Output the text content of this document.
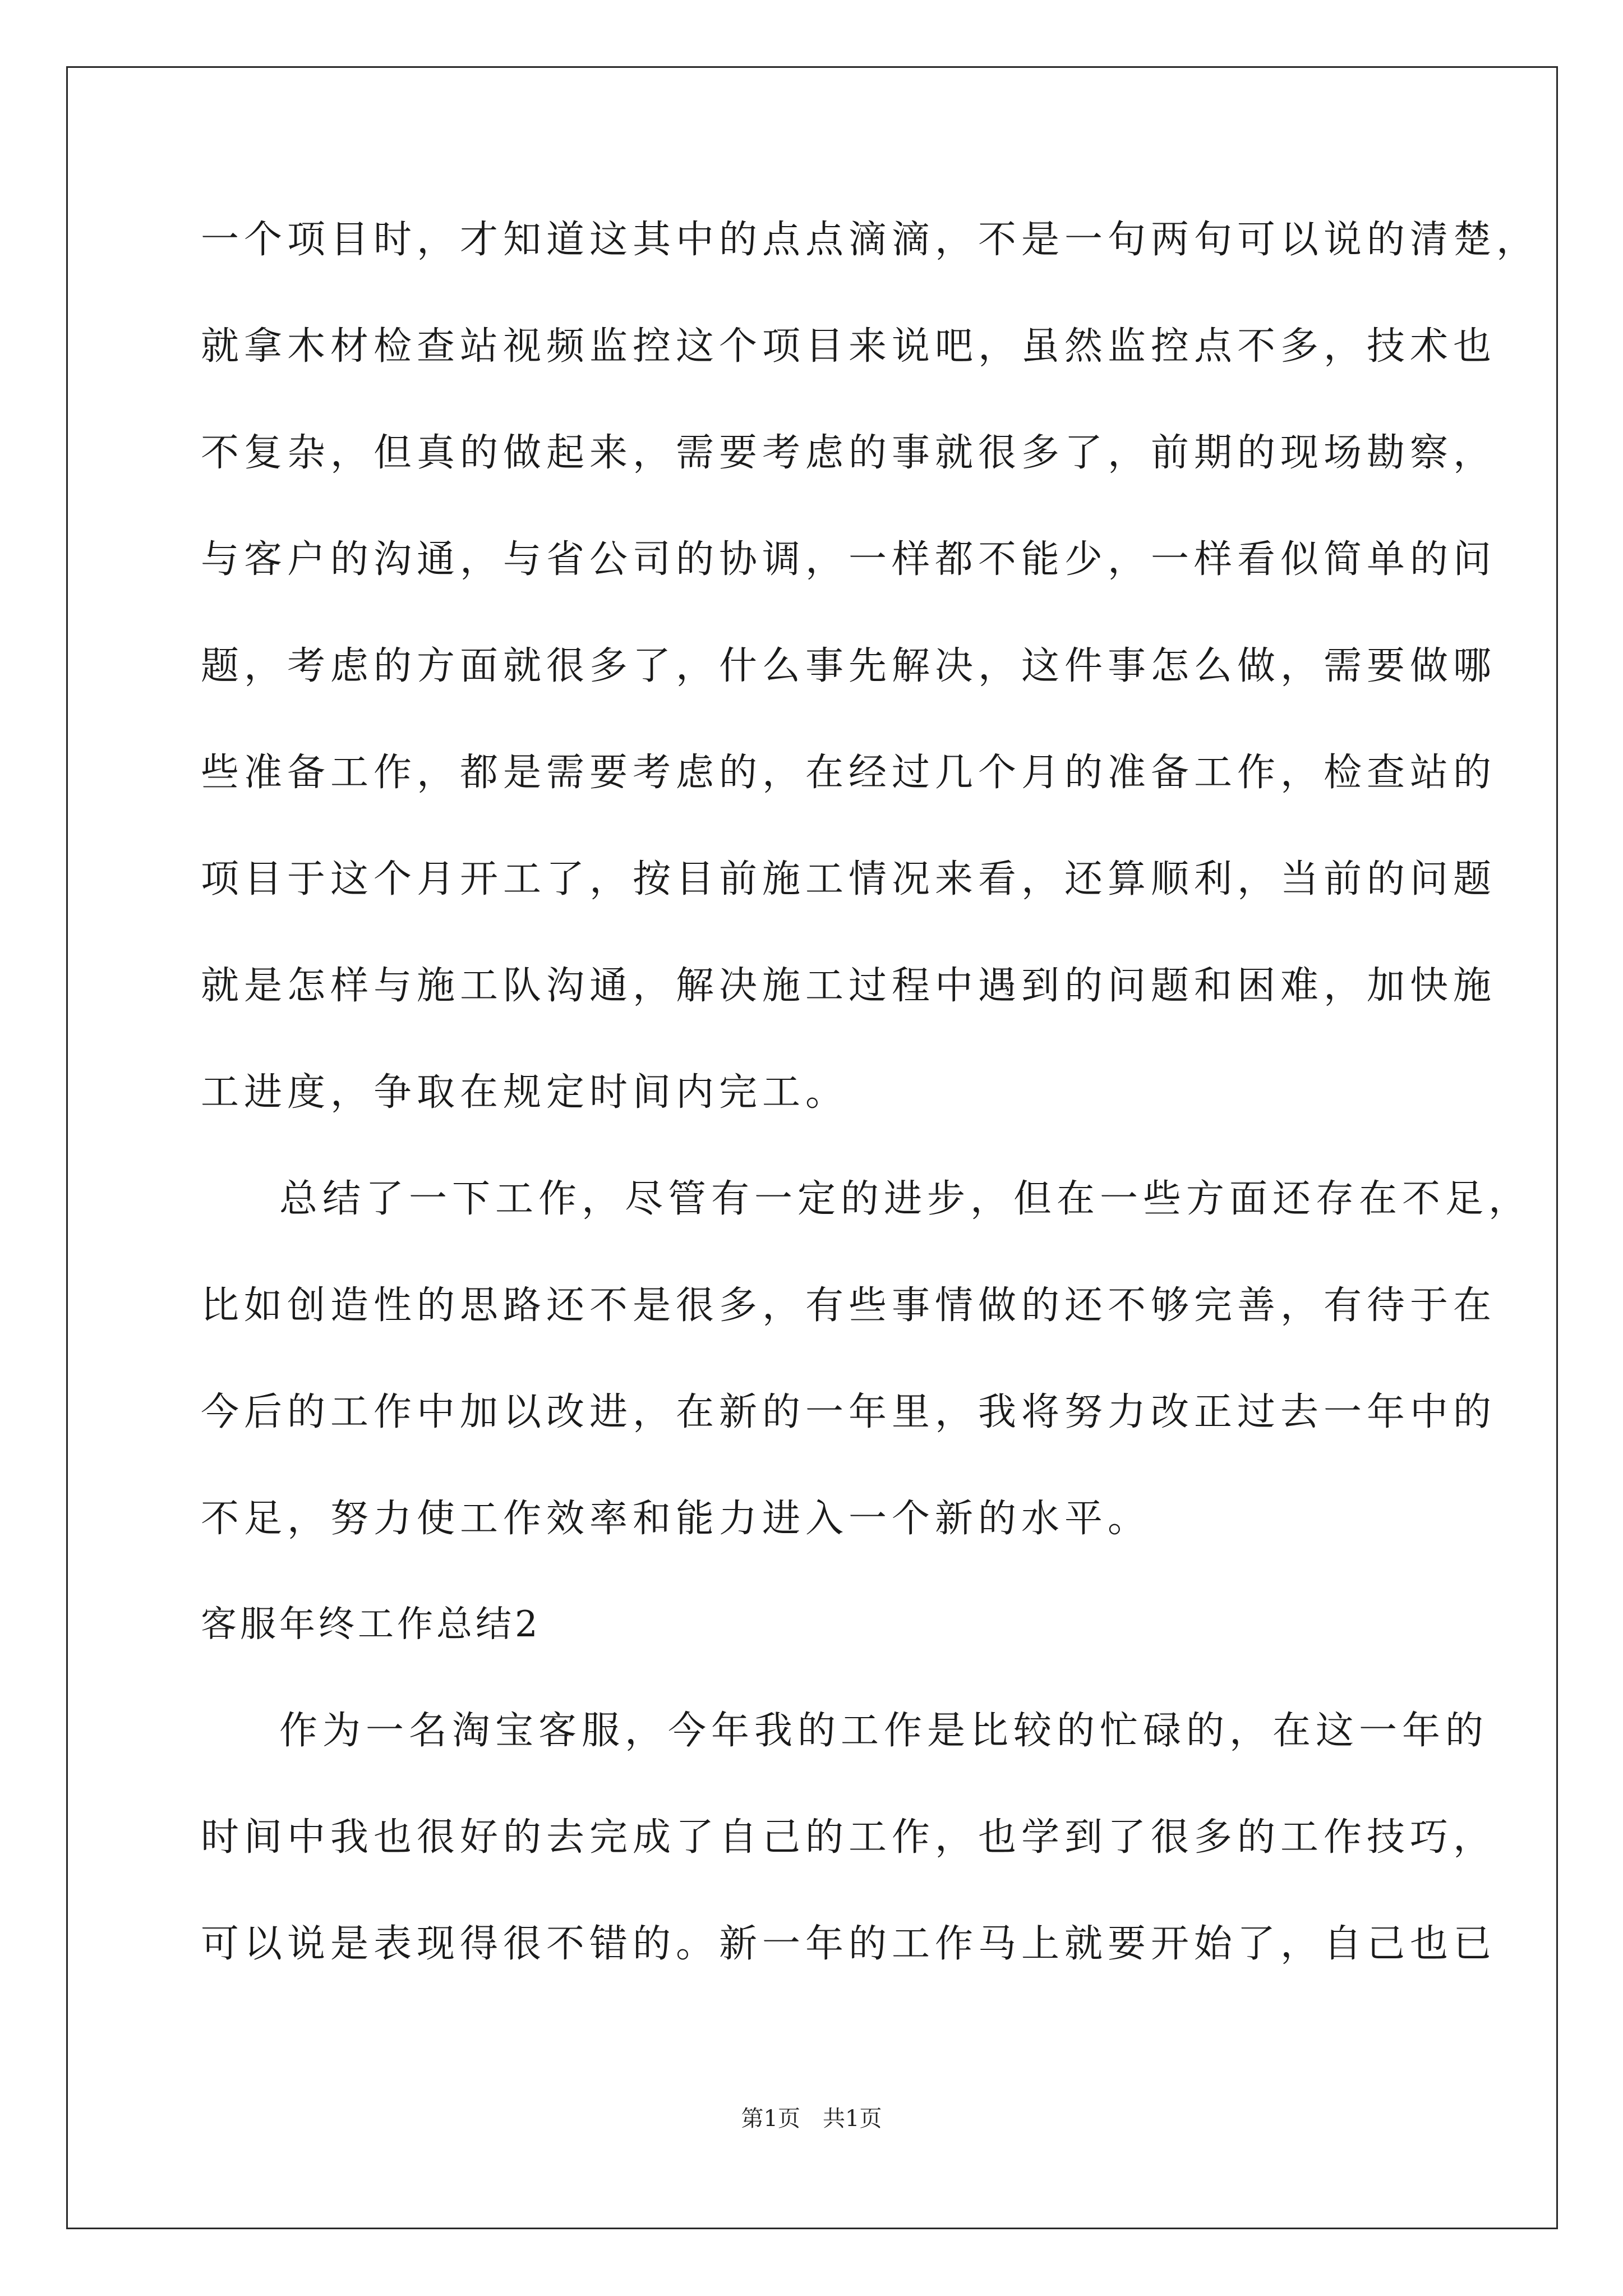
一个项目时，才知道这其中的点点滴滴，不是一句两句可以说的清楚，
就拿木材检查站视频监控这个项目来说吧，虽然监控点不多，技术也
不复杂，但真的做起来，需要考虑的事就很多了，前期的现场勘察，
与客户的沟通，与省公司的协调，一样都不能少，一样看似简单的问
题，考虑的方面就很多了，什么事先解决，这件事怎么做，需要做哪
些准备工作，都是需要考虑的，在经过几个月的准备工作，检查站的
项目于这个月开工了，按目前施工情况来看，还算顺利，当前的问题
就是怎样与施工队沟通，解决施工过程中遇到的问题和困难，加快施
工进度，争取在规定时间内完工。
总结了一下工作，尽管有一定的进步，但在一些方面还存在不足，
比如创造性的思路还不是很多，有些事情做的还不够完善，有待于在
今后的工作中加以改进，在新的一年里，我将努力改正过去一年中的
不足，努力使工作效率和能力进入一个新的水平。
客服年终工作总结2
作为一名淘宝客服，今年我的工作是比较的忙碌的，在这一年的
时间中我也很好的去完成了自己的工作，也学到了很多的工作技巧，
可以说是表现得很不错的。新一年的工作马上就要开始了，自己也已
第1页　共1页
